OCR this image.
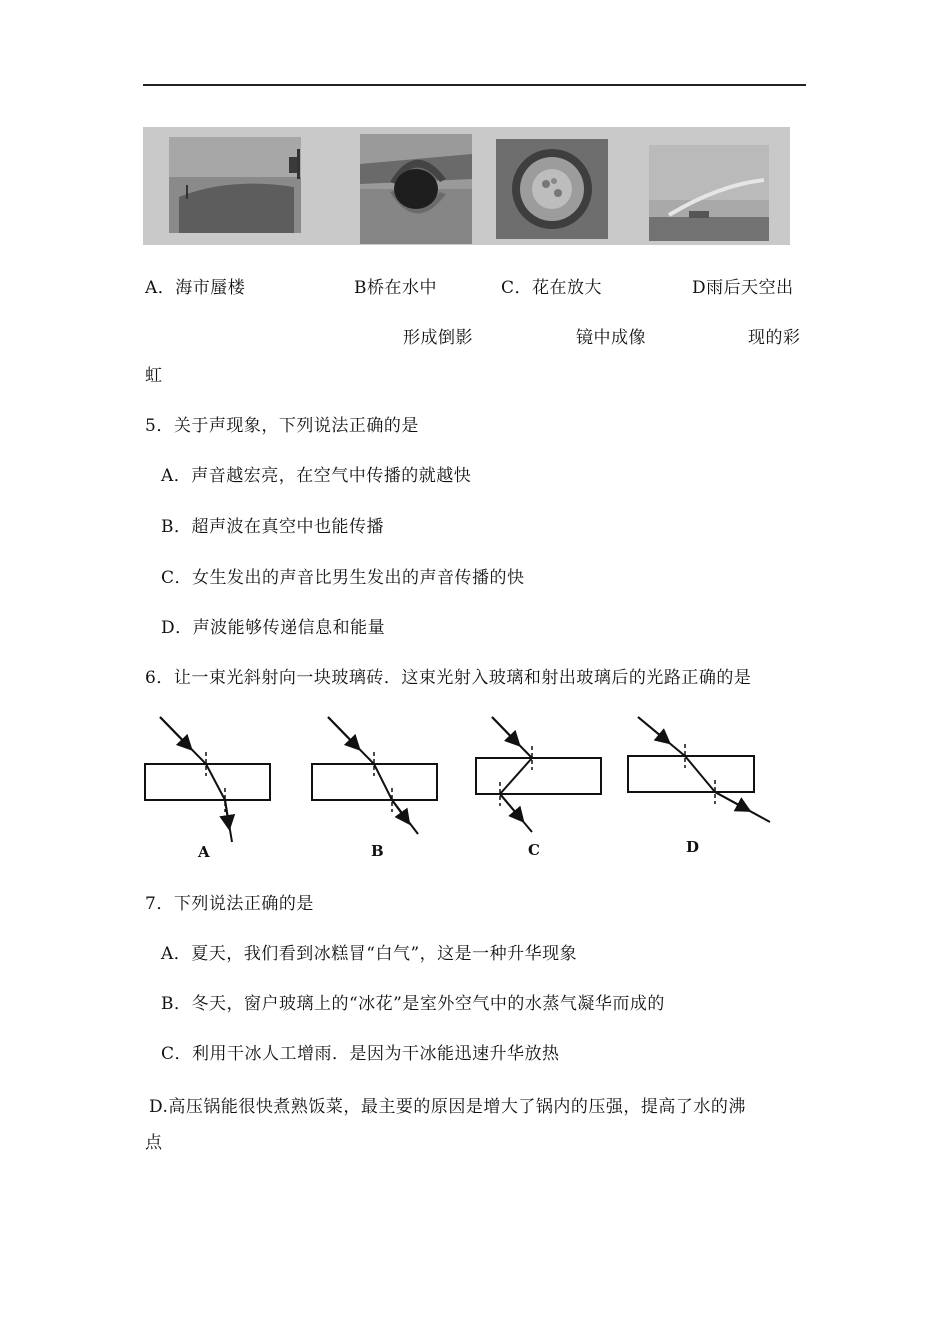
A．海市蜃楼	B桥在水中	C．花在放大	D雨后天空出
形成倒影	镜中成像	现的彩
虹
5．关于声现象，下列说法正确的是
A．声音越宏亮，在空气中传播的就越快
B．超声波在真空中也能传播
C．女生发出的声音比男生发出的声音传播的快
D．声波能够传递信息和能量
6．让一束光斜射向一块玻璃砖．这束光射入玻璃和射出玻璃后的光路正确的是
A	B	C	D
7．下列说法正确的是
A．夏天，我们看到冰糕冒“白气”，这是一种升华现象
B．冬天，窗户玻璃上的“冰花”是室外空气中的水蒸气凝华而成的
C．利用干冰人工增雨．是因为干冰能迅速升华放热
D.高压锅能很快煮熟饭菜，最主要的原因是增大了锅内的压强，提高了水的沸
点
